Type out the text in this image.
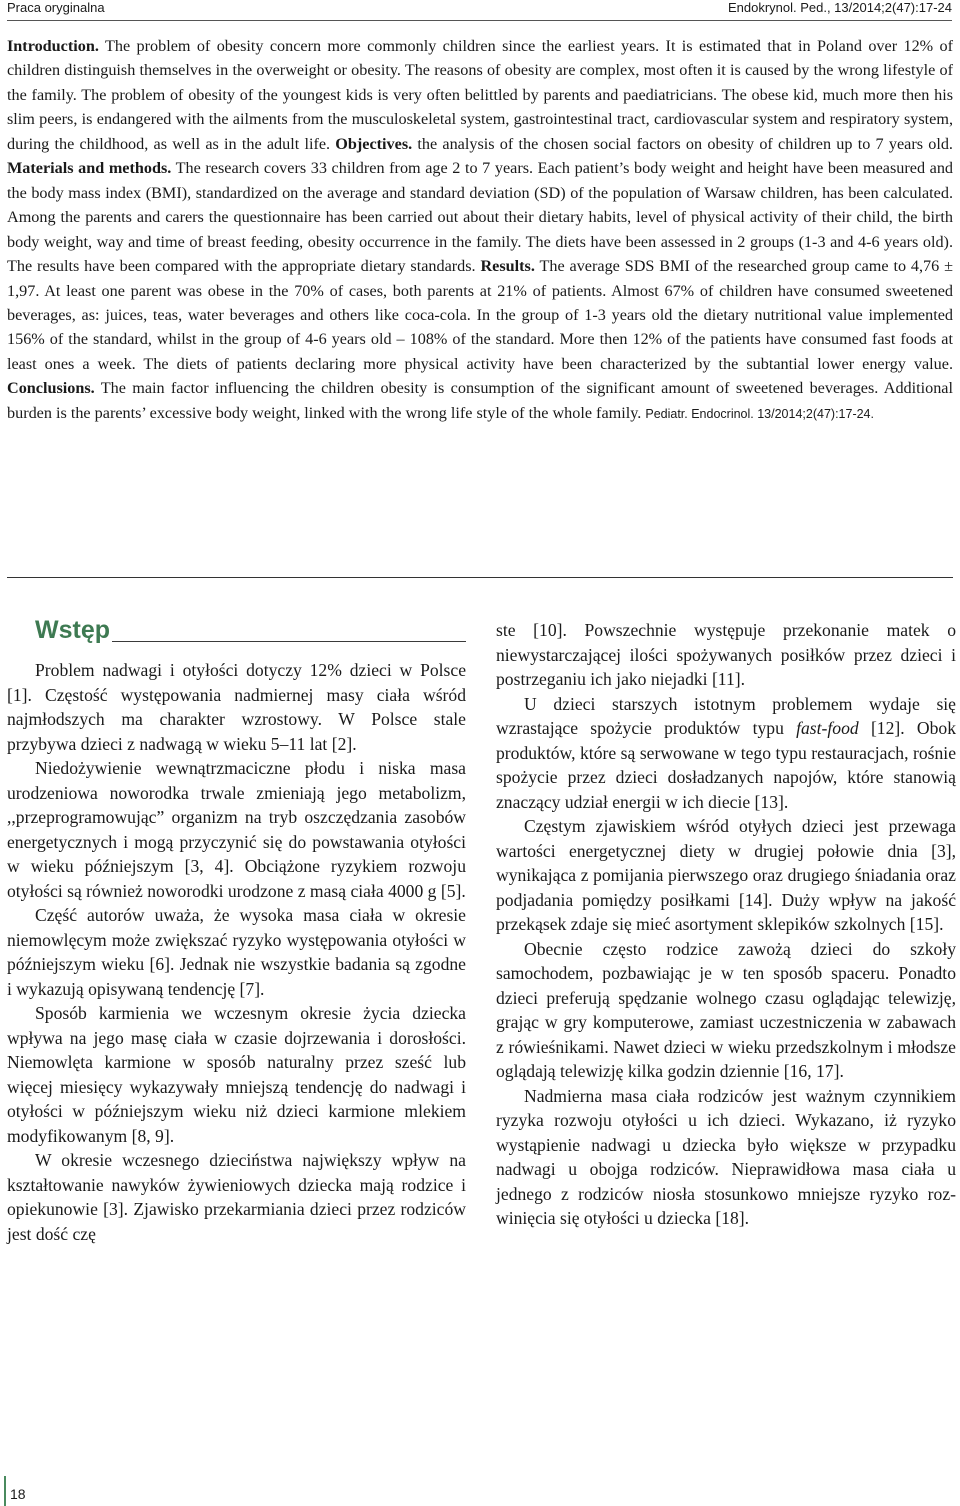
Praca oryginalna	Endokrynol. Ped., 13/2014;2(47):17-24

Introduction. The problem of obesity concern more commonly children since the earliest years. It is estimated that in Poland over 12% of children distinguish themselves in the overweight or obesity. The reasons of obesity are complex, most often it is caused by the wrong lifestyle of the family. The problem of obesity of the youngest kids is very often belittled by parents and paediatricians. The obese kid, much more then his slim peers, is endangered with the ailments from the musculoskeletal system, gastrointestinal tract, cardiovascular system and respiratory system, during the childhood, as well as in the adult life. Objectives. the analysis of the chosen social factors on obesity of children up to 7 years old. Materials and methods. The research covers 33 children from age 2 to 7 years. Each patient’s body weight and height have been measured and the body mass index (BMI), standardized on the average and standard deviation (SD) of the population of Warsaw children, has been calculated. Among the parents and carers the questionnaire has been carried out about their dietary habits, level of physical activity of their child, the birth body weight, way and time of breast feeding, obesity occurrence in the family. The diets have been assessed in 2 groups (1-3 and 4-6 years old). The results have been compared with the appropriate dietary standards. Results. The average SDS BMI of the researched group came to 4,76 ± 1,97. At least one parent was obese in the 70% of cases, both parents at 21% of patients. Almost 67% of children have consumed sweetened beverages, as: juices, teas, water beverages and others like coca-cola. In the group of 1-3 years old the dietary nutritional value implemented 156% of the standard, whilst in the group of 4-6 years old – 108% of the standard. More then 12% of the patients have consumed fast foods at least ones a week. The diets of patients declaring more physical activity have been characterized by the subtantial lower energy value. Conclusions. The main factor influencing the children obesity is consumption of the significant amount of sweetened beverages. Additional burden is the parents’ excessive body weight, linked with the wrong life style of the whole family. Pediatr. Endocrinol. 13/2014;2(47):17-24.

Wstęp

Problem nadwagi i otyłości dotyczy 12% dzieci w Polsce [1]. Częstość występowania nadmiernej masy ciała wśród najmłodszych ma charakter wzrostowy. W Polsce stale przybywa dzieci z nadwagą w wieku 5–11 lat [2].

Niedożywienie wewnątrzmaciczne płodu i niska masa urodzeniowa noworodka trwale zmieniają jego metabolizm, ,,przeprogramowując” organizm na tryb oszczędzania zasobów energetycznych i mogą przyczynić się do powstawania otyłości w wieku późniejszym [3, 4]. Obciążone ryzykiem rozwoju otyłości są również noworodki urodzone z masą ciała 4000 g [5].

Część autorów uważa, że wysoka masa ciała w okresie niemowlęcym może zwiększać ryzyko występowania otyłości w późniejszym wieku [6]. Jednak nie wszystkie badania są zgodne i wykazują opisywaną tendencję [7].

Sposób karmienia we wczesnym okresie życia dziecka wpływa na jego masę ciała w czasie dojrzewania i dorosłości. Niemowlęta karmione w sposób naturalny przez sześć lub więcej miesięcy wykazywały mniejszą tendencję do nadwagi i otyłości w późniejszym wieku niż dzieci karmione mlekiem modyfikowanym [8, 9].

W okresie wczesnego dzieciństwa największy wpływ na kształtowanie nawyków żywieniowych dziecka mają rodzice i opiekunowie [3]. Zjawisko przekarmiania dzieci przez rodziców jest dość czę

ste [10]. Powszechnie występuje przekonanie matek o niewystarczającej ilości spożywanych posiłków przez dzieci i postrzeganiu ich jako niejadki [11].

U dzieci starszych istotnym problemem wydaje się wzrastające spożycie produktów typu fast-food [12]. Obok produktów, które są serwowane w tego typu restauracjach, rośnie spożycie przez dzieci dosładzanych napojów, które stanowią znaczący udział energii w ich diecie [13].

Częstym zjawiskiem wśród otyłych dzieci jest przewaga wartości energetycznej diety w drugiej połowie dnia [3], wynikająca z pomijania pierwszego oraz drugiego śniadania oraz podjadania pomiędzy posiłkami [14]. Duży wpływ na jakość przekąsek zdaje się mieć asortyment sklepików szkolnych [15].

Obecnie często rodzice zawożą dzieci do szkoły samochodem, pozbawiając je w ten sposób spaceru. Ponadto dzieci preferują spędzanie wolnego czasu oglądając telewizję, grając w gry komputerowe, zamiast uczestniczenia w zabawach z rówieśnikami. Nawet dzieci w wieku przedszkolnym i młodsze oglądają telewizję kilka godzin dziennie [16, 17].

Nadmierna masa ciała rodziców jest ważnym czynnikiem ryzyka rozwoju otyłości u ich dzieci. Wykazano, iż ryzyko wystąpienie nadwagi u dziecka było większe w przypadku nadwagi u obojga rodziców. Nieprawidłowa masa ciała u jednego z rodziców niosła stosunkowo mniejsze ryzyko rozwinięcia się otyłości u dziecka [18].

18
